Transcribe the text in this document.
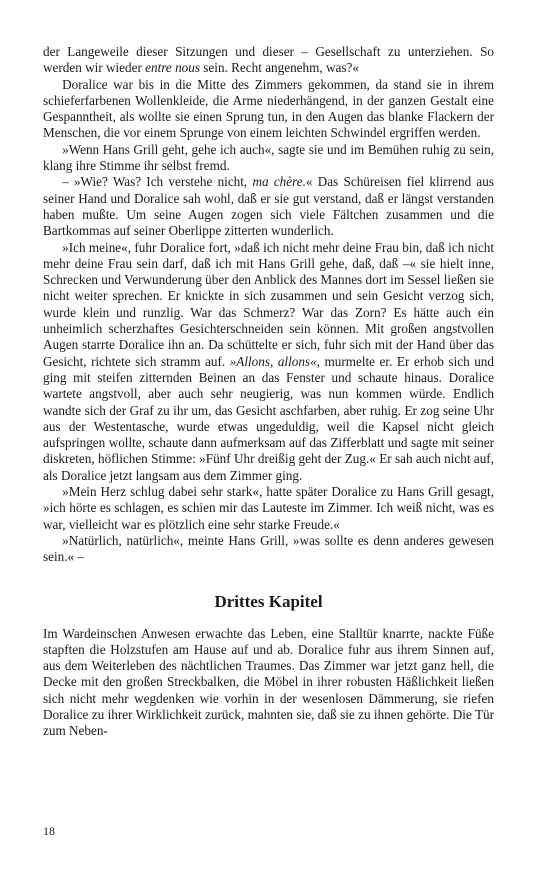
der Langeweile dieser Sitzungen und dieser – Gesellschaft zu unterziehen. So werden wir wieder entre nous sein. Recht angenehm, was?«

Doralice war bis in die Mitte des Zimmers gekommen, da stand sie in ihrem schieferfarbenen Wollenkleide, die Arme niederhängend, in der ganzen Gestalt eine Gespanntheit, als wollte sie einen Sprung tun, in den Augen das blanke Flackern der Menschen, die vor einem Sprunge von einem leichten Schwindel ergriffen werden.

»Wenn Hans Grill geht, gehe ich auch«, sagte sie und im Bemühen ruhig zu sein, klang ihre Stimme ihr selbst fremd.

– »Wie? Was? Ich verstehe nicht, ma chère.« Das Schüreisen fiel klirrend aus seiner Hand und Doralice sah wohl, daß er sie gut verstand, daß er längst verstanden haben mußte. Um seine Augen zogen sich viele Fältchen zusammen und die Bartkommas auf seiner Oberlippe zitterten wunderlich.

»Ich meine«, fuhr Doralice fort, »daß ich nicht mehr deine Frau bin, daß ich nicht mehr deine Frau sein darf, daß ich mit Hans Grill gehe, daß, daß –« sie hielt inne, Schrecken und Verwunderung über den Anblick des Mannes dort im Sessel ließen sie nicht weiter sprechen. Er knickte in sich zusammen und sein Gesicht verzog sich, wurde klein und runzlig. War das Schmerz? War das Zorn? Es hätte auch ein unheimlich scherzhaftes Gesichterschneiden sein können. Mit großen angstvollen Augen starrte Doralice ihn an. Da schüttelte er sich, fuhr sich mit der Hand über das Gesicht, richtete sich stramm auf. »Allons, allons«, murmelte er. Er erhob sich und ging mit steifen zitternden Beinen an das Fenster und schaute hinaus. Doralice wartete angstvoll, aber auch sehr neugierig, was nun kommen würde. Endlich wandte sich der Graf zu ihr um, das Gesicht aschfarben, aber ruhig. Er zog seine Uhr aus der Westentasche, wurde etwas ungeduldig, weil die Kapsel nicht gleich aufspringen wollte, schaute dann aufmerksam auf das Zifferblatt und sagte mit seiner diskreten, höflichen Stimme: »Fünf Uhr dreißig geht der Zug.« Er sah auch nicht auf, als Doralice jetzt langsam aus dem Zimmer ging.

»Mein Herz schlug dabei sehr stark«, hatte später Doralice zu Hans Grill gesagt, »ich hörte es schlagen, es schien mir das Lauteste im Zimmer. Ich weiß nicht, was es war, vielleicht war es plötzlich eine sehr starke Freude.«

»Natürlich, natürlich«, meinte Hans Grill, »was sollte es denn anderes gewesen sein.« –

Drittes Kapitel

Im Wardeinschen Anwesen erwachte das Leben, eine Stalltür knarrte, nackte Füße stapften die Holzstufen am Hause auf und ab. Doralice fuhr aus ihrem Sinnen auf, aus dem Weiterleben des nächtlichen Traumes. Das Zimmer war jetzt ganz hell, die Decke mit den großen Streckbalken, die Möbel in ihrer robusten Häßlichkeit ließen sich nicht mehr wegdenken wie vorhin in der wesenlosen Dämmerung, sie riefen Doralice zu ihrer Wirklichkeit zurück, mahnten sie, daß sie zu ihnen gehörte. Die Tür zum Neben-

18
